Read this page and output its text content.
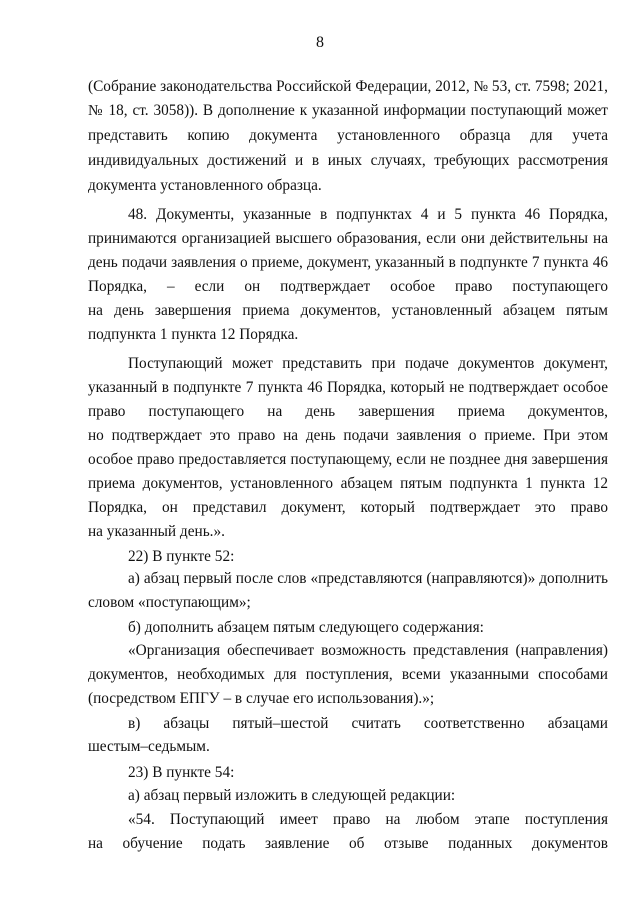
8
(Собрание законодательства Российской Федерации, 2012, № 53, ст. 7598; 2021,
№ 18, ст. 3058)). В дополнение к указанной информации поступающий может
представить копию документа установленного образца для учета
индивидуальных достижений и в иных случаях, требующих рассмотрения
документа установленного образца.
48. Документы, указанные в подпунктах 4 и 5 пункта 46 Порядка,
принимаются организацией высшего образования, если они действительны на
день подачи заявления о приеме, документ, указанный в подпункте 7 пункта 46
Порядка, – если он подтверждает особое право поступающего
на день завершения приема документов, установленный абзацем пятым
подпункта 1 пункта 12 Порядка.
Поступающий может представить при подаче документов документ,
указанный в подпункте 7 пункта 46 Порядка, который не подтверждает особое
право поступающего на день завершения приема документов,
но подтверждает это право на день подачи заявления о приеме. При этом
особое право предоставляется поступающему, если не позднее дня завершения
приема документов, установленного абзацем пятым подпункта 1 пункта 12
Порядка, он представил документ, который подтверждает это право
на указанный день.».
22) В пункте 52:
а) абзац первый после слов «представляются (направляются)» дополнить
словом «поступающим»;
б) дополнить абзацем пятым следующего содержания:
«Организация обеспечивает возможность представления (направления)
документов, необходимых для поступления, всеми указанными способами
(посредством ЕПГУ – в случае его использования).»;
в) абзацы пятый–шестой считать соответственно абзацами
шестым–седьмым.
23) В пункте 54:
а) абзац первый изложить в следующей редакции:
«54. Поступающий имеет право на любом этапе поступления
на обучение подать заявление об отзыве поданных документов
